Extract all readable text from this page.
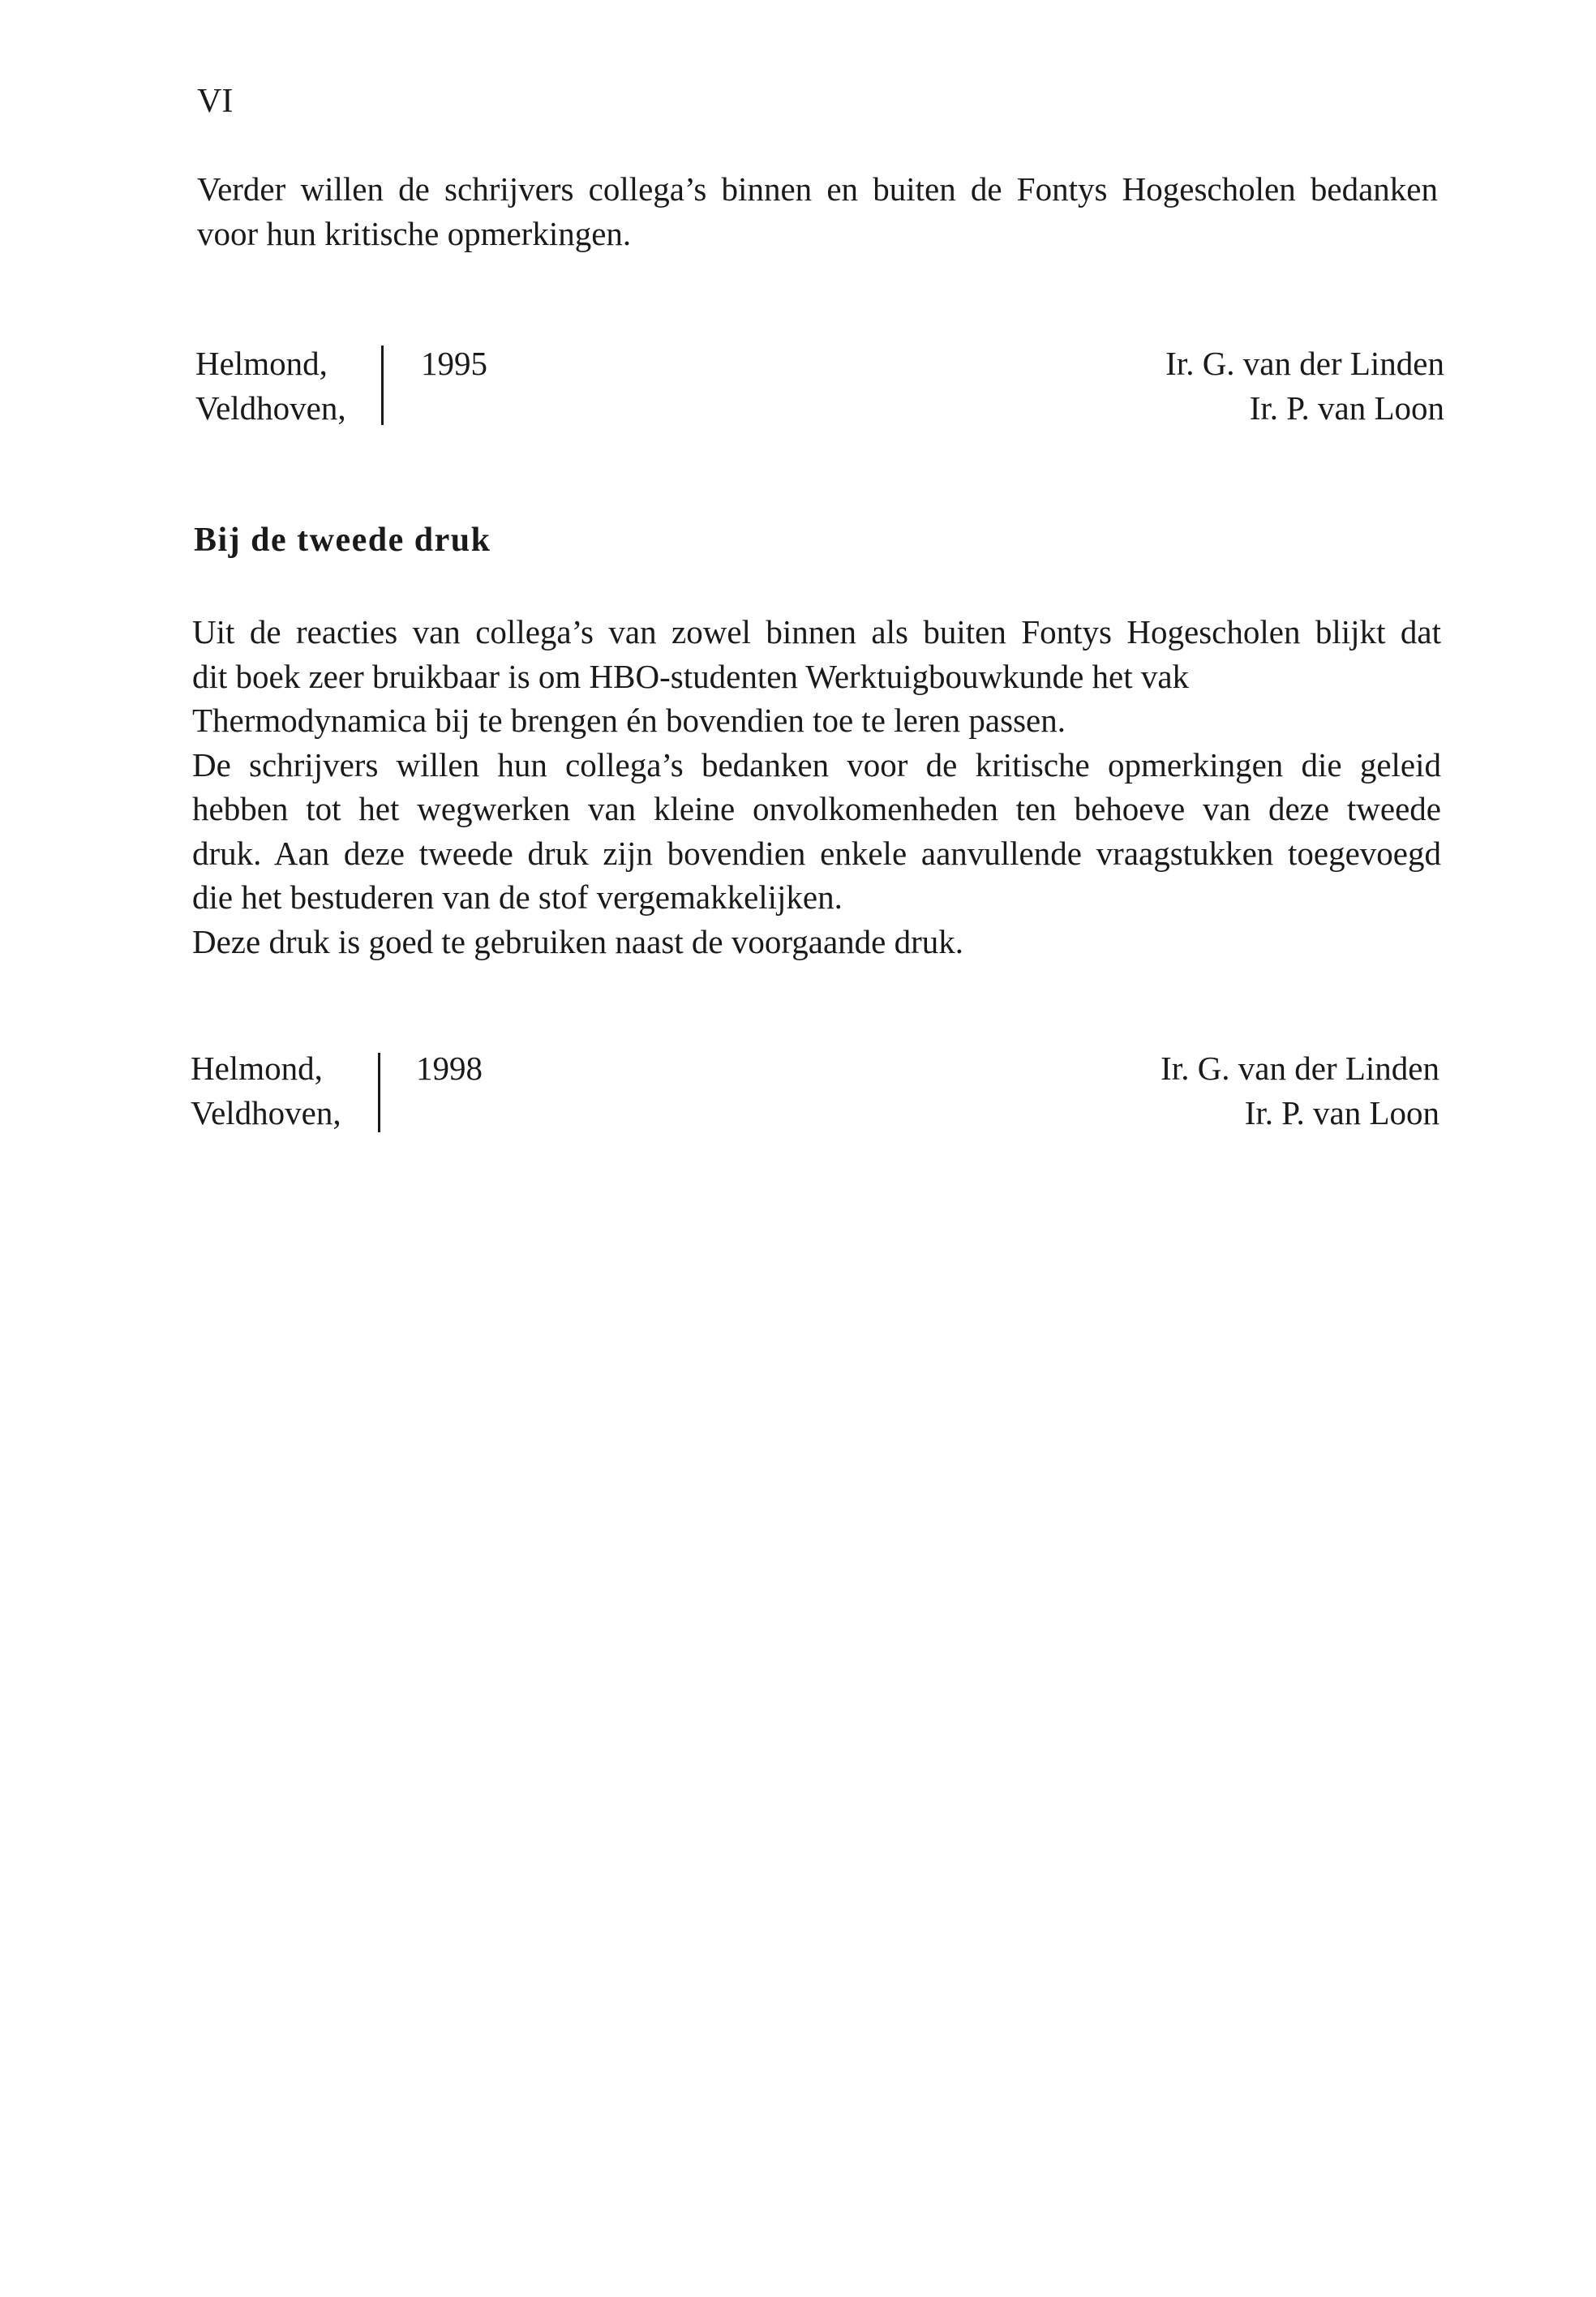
VI

Verder willen de schrijvers collega’s binnen en buiten de Fontys Hogescholen bedanken
voor hun kritische opmerkingen.

Helmond,
Veldhoven,
1995	Ir. G. van der Linden
Ir. P. van Loon
Bij de tweede druk

Uit de reacties van collega’s van zowel binnen als buiten Fontys Hogescholen blijkt dat
dit boek zeer bruikbaar is om HBO-studenten Werktuigbouwkunde het vak
Thermodynamica bij te brengen én bovendien toe te leren passen.
De schrijvers willen hun collega’s bedanken voor de kritische opmerkingen die geleid
hebben tot het wegwerken van kleine onvolkomenheden ten behoeve van deze tweede
druk. Aan deze tweede druk zijn bovendien enkele aanvullende vraagstukken toegevoegd
die het bestuderen van de stof vergemakkelijken.
Deze druk is goed te gebruiken naast de voorgaande druk.

Helmond,
Veldhoven,
1998	Ir. G. van der Linden
Ir. P. van Loon
